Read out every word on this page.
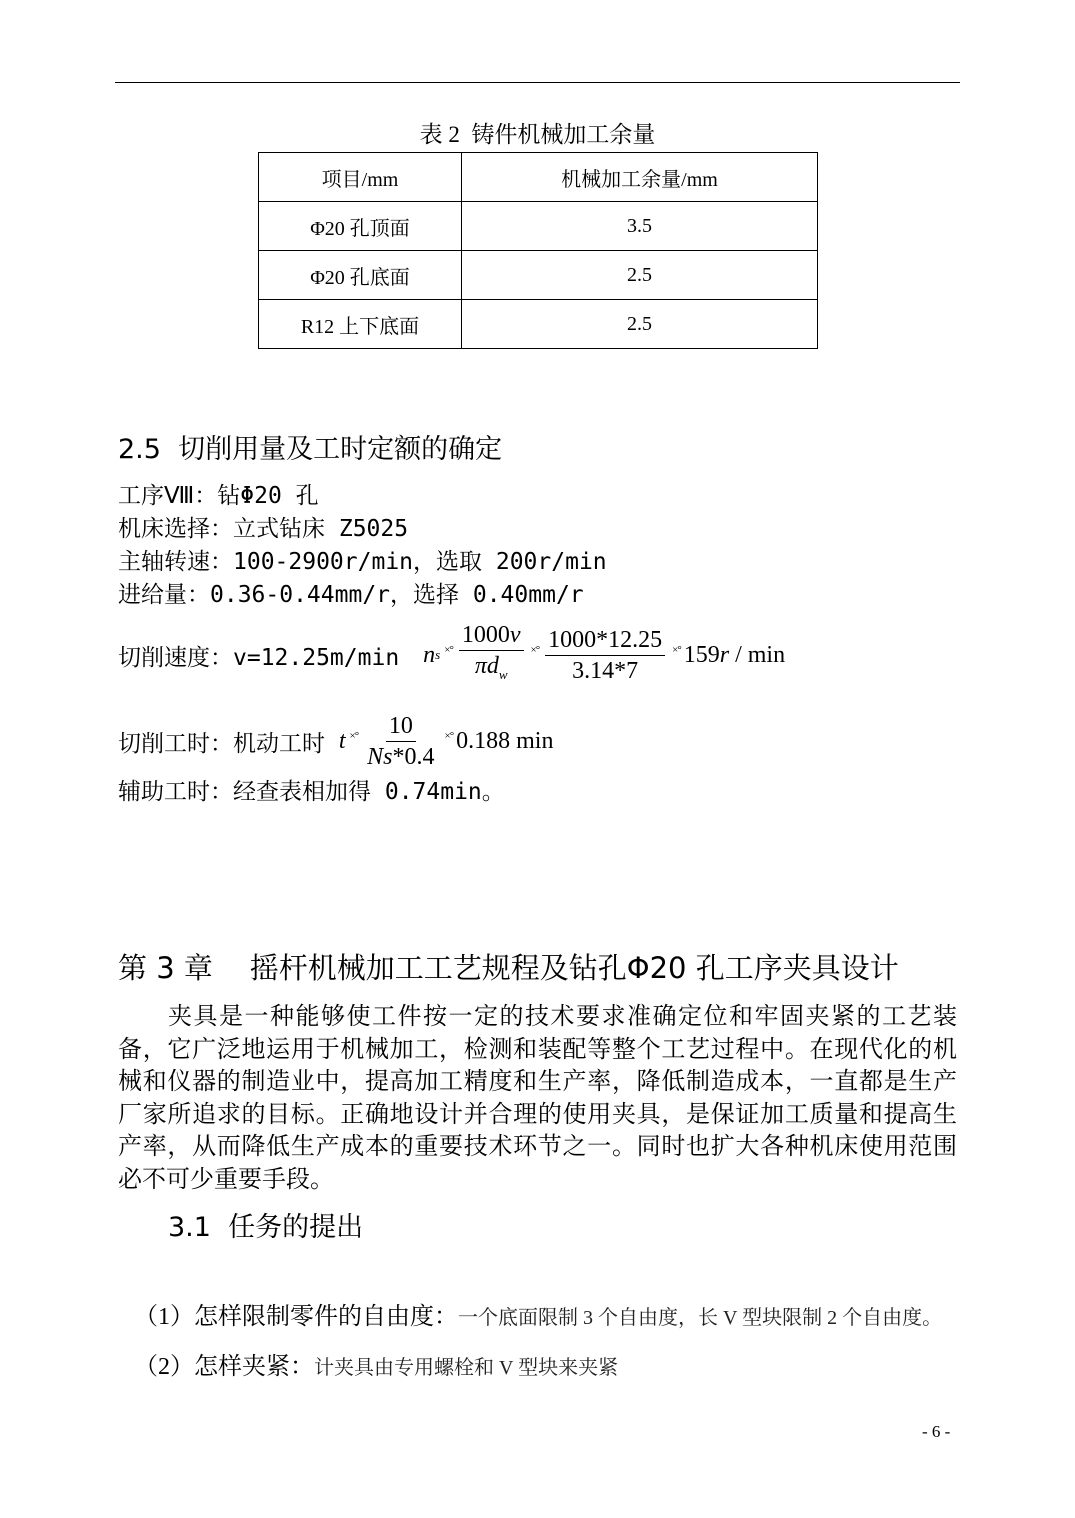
表 2  铸件机械加工余量
项目/mm	机械加工余量/mm
Φ20 孔顶面	3.5
Φ20 孔底面	2.5
R12 上下底面	2.5
2.5  切削用量及工时定额的确定
工序Ⅷ：钻Φ20 孔
机床选择：立式钻床 Z5025
主轴转速：100-2900r/min，选取 200r/min
进给量：0.36-0.44mm/r，选择 0.40mm/r
切削速度：v=12.25m/min n s ×° $\frac{1000v}{\pi d_w}$ ×° $\frac{1000*12.25}{3.14*7}$ ×° 159 r / min
切削工时：机动工时 t ×° $\frac{10}{Ns*0.4}$ ×° 0.188 min
辅助工时：经查表相加得 0.74min。
第 3 章    摇杆机械加工工艺规程及钻孔Φ20 孔工序夹具设计
夹具是一种能够使工件按一定的技术要求准确定位和牢固夹紧的工艺装
备，它广泛地运用于机械加工，检测和装配等整个工艺过程中。在现代化的机
械和仪器的制造业中，提高加工精度和生产率，降低制造成本，一直都是生产
厂家所追求的目标。正确地设计并合理的使用夹具，是保证加工质量和提高生
产率，从而降低生产成本的重要技术环节之一。同时也扩大各种机床使用范围
必不可少重要手段。
3.1  任务的提出

（1）怎样限制零件的自由度：一个底面限制 3 个自由度，长 V 型块限制 2 个自由度。

（2）怎样夹紧：计夹具由专用螺栓和 V 型块来夹紧

- 6 -
